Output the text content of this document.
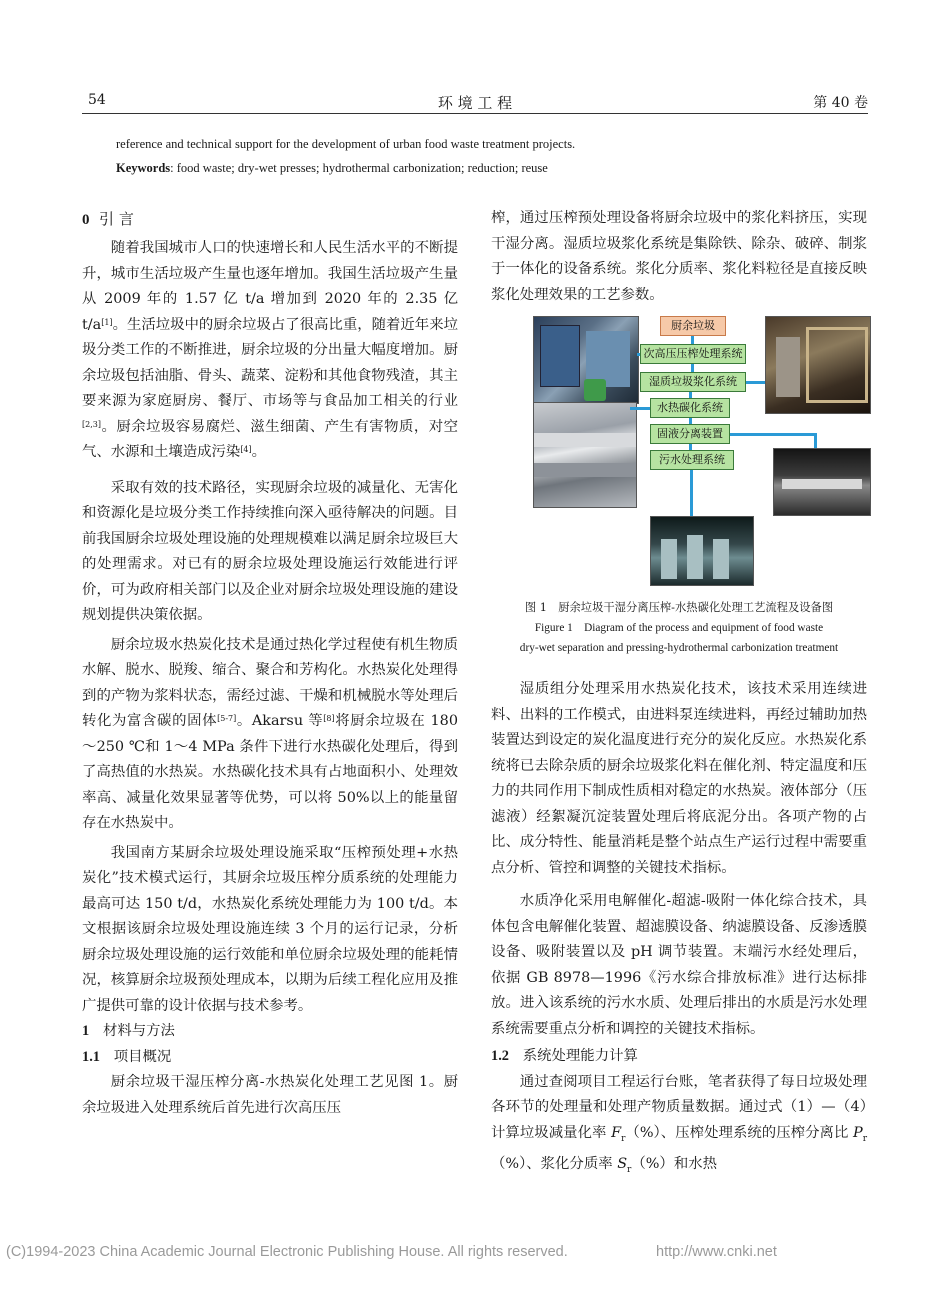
54	环 境 工 程	第 40 卷
reference and technical support for the development of urban food waste treatment projects.
Keywords: food waste; dry-wet presses; hydrothermal carbonization; reduction; reuse
0 引 言

随着我国城市人口的快速增长和人民生活水平的不断提升，城市生活垃圾产生量也逐年增加。我国生活垃圾产生量从 2009 年的 1.57 亿 t/a 增加到 2020 年的 2.35 亿 t/a[1]。生活垃圾中的厨余垃圾占了很高比重，随着近年来垃圾分类工作的不断推进，厨余垃圾的分出量大幅度增加。厨余垃圾包括油脂、骨头、蔬菜、淀粉和其他食物残渣，其主要来源为家庭厨房、餐厅、市场等与食品加工相关的行业[2,3]。厨余垃圾容易腐烂、滋生细菌、产生有害物质，对空气、水源和土壤造成污染[4]。

采取有效的技术路径，实现厨余垃圾的减量化、无害化和资源化是垃圾分类工作持续推向深入亟待解决的问题。目前我国厨余垃圾处理设施的处理规模难以满足厨余垃圾巨大的处理需求。对已有的厨余垃圾处理设施运行效能进行评价，可为政府相关部门以及企业对厨余垃圾处理设施的建设规划提供决策依据。

厨余垃圾水热炭化技术是通过热化学过程使有机生物质水解、脱水、脱羧、缩合、聚合和芳构化。水热炭化处理得到的产物为浆料状态，需经过滤、干燥和机械脱水等处理后转化为富含碳的固体[5-7]。Akarsu 等[8]将厨余垃圾在 180～250 ℃和 1～4 MPa 条件下进行水热碳化处理后，得到了高热值的水热炭。水热碳化技术具有占地面积小、处理效率高、减量化效果显著等优势，可以将 50%以上的能量留存在水热炭中。

我国南方某厨余垃圾处理设施采取“压榨预处理+水热炭化”技术模式运行，其厨余垃圾压榨分质系统的处理能力最高可达 150 t/d，水热炭化系统处理能力为 100 t/d。本文根据该厨余垃圾处理设施连续 3 个月的运行记录，分析厨余垃圾处理设施的运行效能和单位厨余垃圾处理的能耗情况，核算厨余垃圾预处理成本，以期为后续工程化应用及推广提供可靠的设计依据与技术参考。

1 材料与方法
1.1 项目概况

厨余垃圾干湿压榨分离-水热炭化处理工艺见图 1。厨余垃圾进入处理系统后首先进行次高压压

榨，通过压榨预处理设备将厨余垃圾中的浆化料挤压，实现干湿分离。湿质垃圾浆化系统是集除铁、除杂、破碎、制浆于一体化的设备系统。浆化分质率、浆化料粒径是直接反映浆化处理效果的工艺参数。

厨余垃圾
次高压压榨处理系统
湿质垃圾浆化系统
水热碳化系统
固液分离装置
污水处理系统
图 1　厨余垃圾干湿分离压榨-水热碳化处理工艺流程及设备图
Figure 1　Diagram of the process and equipment of food waste
dry-wet separation and pressing-hydrothermal carbonization treatment

湿质组分处理采用水热炭化技术，该技术采用连续进料、出料的工作模式，由进料泵连续进料，再经过辅助加热装置达到设定的炭化温度进行充分的炭化反应。水热炭化系统将已去除杂质的厨余垃圾浆化料在催化剂、特定温度和压力的共同作用下制成性质相对稳定的水热炭。液体部分（压滤液）经絮凝沉淀装置处理后将底泥分出。各项产物的占比、成分特性、能量消耗是整个站点生产运行过程中需要重点分析、管控和调整的关键技术指标。

水质净化采用电解催化-超滤-吸附一体化综合技术，具体包含电解催化装置、超滤膜设备、纳滤膜设备、反渗透膜设备、吸附装置以及 pH 调节装置。末端污水经处理后，依据 GB 8978—1996《污水综合排放标准》进行达标排放。进入该系统的污水水质、处理后排出的水质是污水处理系统需要重点分析和调控的关键技术指标。

1.2 系统处理能力计算

通过查阅项目工程运行台账，笔者获得了每日垃圾处理各环节的处理量和处理产物质量数据。通过式（1）—（4）计算垃圾减量化率 $F_r(\%)$、压榨处理系统的压榨分离比 $P_r(\%)$、浆化分质率 $S_r(\%)$和水热

(C)1994-2023 China Academic Journal Electronic Publishing House. All rights reserved.	http://www.cnki.net
